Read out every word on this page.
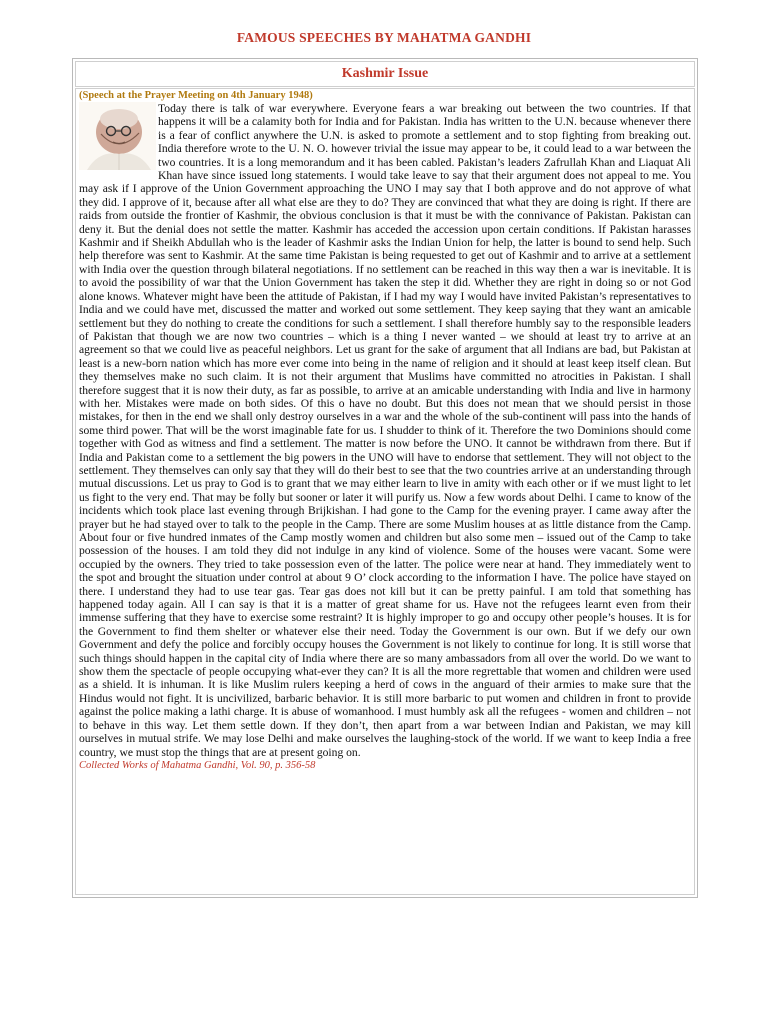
FAMOUS SPEECHES BY MAHATMA GANDHI
Kashmir Issue
(Speech at the Prayer Meeting on 4th January 1948)

Today there is talk of war everywhere. Everyone fears a war breaking out between the two countries. If that happens it will be a calamity both for India and for Pakistan. India has written to the U.N. because whenever there is a fear of conflict anywhere the U.N. is asked to promote a settlement and to stop fighting from breaking out. India therefore wrote to the U. N. O. however trivial the issue may appear to be, it could lead to a war between the two countries. It is a long memorandum and it has been cabled. Pakistan’s leaders Zafrullah Khan and Liaquat Ali Khan have since issued long statements. I would take leave to say that their argument does not appeal to me. You may ask if I approve of the Union Government approaching the UNO I may say that I both approve and do not approve of what they did. I approve of it, because after all what else are they to do? They are convinced that what they are doing is right. If there are raids from outside the frontier of Kashmir, the obvious conclusion is that it must be with the connivance of Pakistan. Pakistan can deny it. But the denial does not settle the matter. Kashmir has acceded the accession upon certain conditions. If Pakistan harasses Kashmir and if Sheikh Abdullah who is the leader of Kashmir asks the Indian Union for help, the latter is bound to send help. Such help therefore was sent to Kashmir. At the same time Pakistan is being requested to get out of Kashmir and to arrive at a settlement with India over the question through bilateral negotiations. If no settlement can be reached in this way then a war is inevitable. It is to avoid the possibility of war that the Union Government has taken the step it did. Whether they are right in doing so or not God alone knows. Whatever might have been the attitude of Pakistan, if I had my way I would have invited Pakistan’s representatives to India and we could have met, discussed the matter and worked out some settlement. They keep saying that they want an amicable settlement but they do nothing to create the conditions for such a settlement. I shall therefore humbly say to the responsible leaders of Pakistan that though we are now two countries – which is a thing I never wanted – we should at least try to arrive at an agreement so that we could live as peaceful neighbors. Let us grant for the sake of argument that all Indians are bad, but Pakistan at least is a new-born nation which has more ever come into being in the name of religion and it should at least keep itself clean. But they themselves make no such claim. It is not their argument that Muslims have committed no atrocities in Pakistan. I shall therefore suggest that it is now their duty, as far as possible, to arrive at an amicable understanding with India and live in harmony with her. Mistakes were made on both sides. Of this o have no doubt. But this does not mean that we should persist in those mistakes, for then in the end we shall only destroy ourselves in a war and the whole of the sub-continent will pass into the hands of some third power. That will be the worst imaginable fate for us. I shudder to think of it. Therefore the two Dominions should come together with God as witness and find a settlement. The matter is now before the UNO. It cannot be withdrawn from there. But if India and Pakistan come to a settlement the big powers in the UNO will have to endorse that settlement. They will not object to the settlement. They themselves can only say that they will do their best to see that the two countries arrive at an understanding through mutual discussions. Let us pray to God is to grant that we may either learn to live in amity with each other or if we must light to let us fight to the very end. That may be folly but sooner or later it will purify us. Now a few words about Delhi. I came to know of the incidents which took place last evening through Brijkishan. I had gone to the Camp for the evening prayer. I came away after the prayer but he had stayed over to talk to the people in the Camp. There are some Muslim houses at as little distance from the Camp. About four or five hundred inmates of the Camp mostly women and children but also some men – issued out of the Camp to take possession of the houses. I am told they did not indulge in any kind of violence. Some of the houses were vacant. Some were occupied by the owners. They tried to take possession even of the latter. The police were near at hand. They immediately went to the spot and brought the situation under control at about 9 O’ clock according to the information I have. The police have stayed on there. I understand they had to use tear gas. Tear gas does not kill but it can be pretty painful. I am told that something has happened today again. All I can say is that it is a matter of great shame for us. Have not the refugees learnt even from their immense suffering that they have to exercise some restraint? It is highly improper to go and occupy other people’s houses. It is for the Government to find them shelter or whatever else their need. Today the Government is our own. But if we defy our own Government and defy the police and forcibly occupy houses the Government is not likely to continue for long. It is still worse that such things should happen in the capital city of India where there are so many ambassadors from all over the world. Do we want to show them the spectacle of people occupying what-ever they can? It is all the more regrettable that women and children were used as a shield. It is inhuman. It is like Muslim rulers keeping a herd of cows in the anguard of their armies to make sure that the Hindus would not fight. It is uncivilized, barbaric behavior. It is still more barbaric to put women and children in front to provide against the police making a lathi charge. It is abuse of womanhood. I must humbly ask all the refugees - women and children – not to behave in this way. Let them settle down. If they don’t, then apart from a war between Indian and Pakistan, we may kill ourselves in mutual strife. We may lose Delhi and make ourselves the laughing-stock of the world. If we want to keep India a free country, we must stop the things that are at present going on.

Collected Works of Mahatma Gandhi, Vol. 90, p. 356-58
